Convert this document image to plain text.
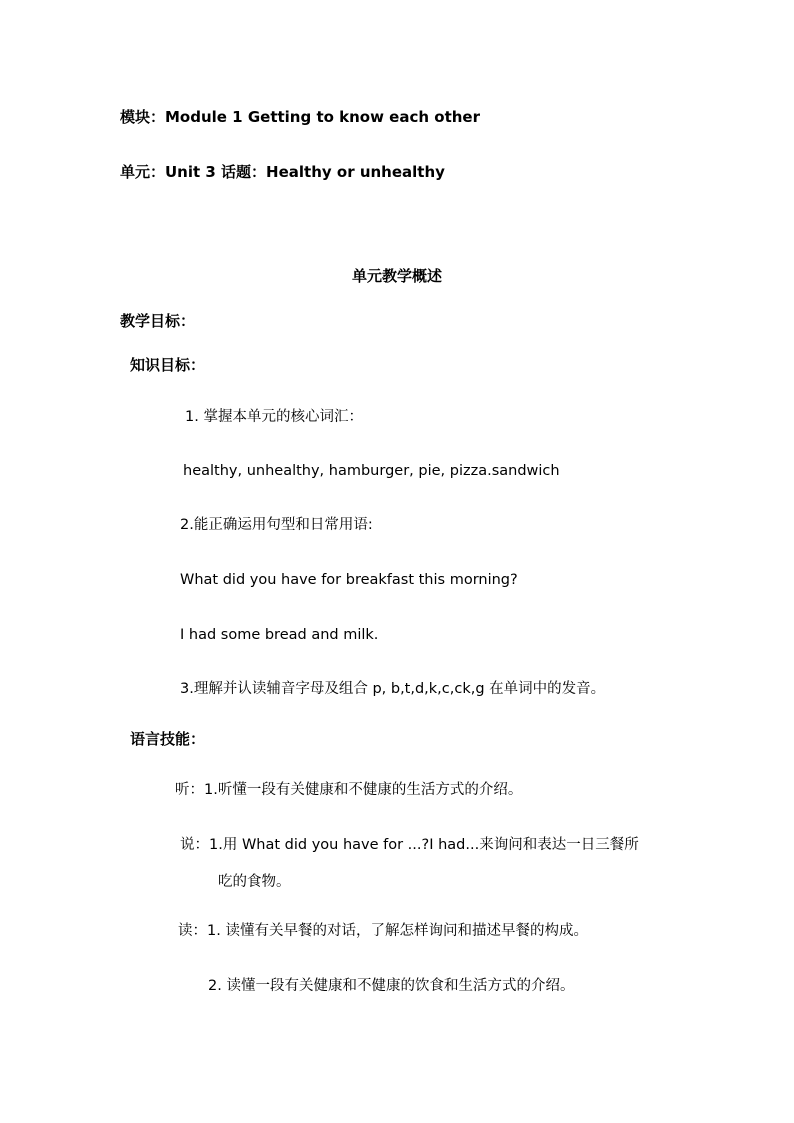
模块：Module 1 Getting to know each other
单元：Unit 3 话题：Healthy or unhealthy
单元教学概述
教学目标：
知识目标：
1. 掌握本单元的核心词汇：
healthy, unhealthy, hamburger, pie, pizza.sandwich
2.能正确运用句型和日常用语:
What did you have for breakfast this morning?
I had some bread and milk.
3.理解并认读辅音字母及组合 p, b,t,d,k,c,ck,g 在单词中的发音。
语言技能：
听：1.听懂一段有关健康和不健康的生活方式的介绍。
说：1.用 What did you have for ...?I had...来询问和表达一日三餐所
吃的食物。
读：1. 读懂有关早餐的对话，了解怎样询问和描述早餐的构成。
2. 读懂一段有关健康和不健康的饮食和生活方式的介绍。
